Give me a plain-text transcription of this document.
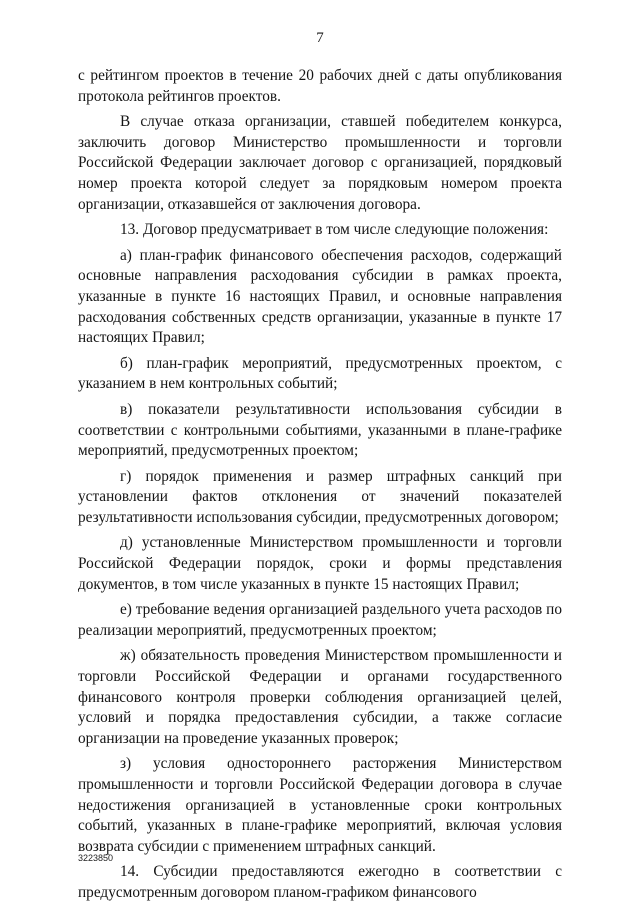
7

с рейтингом проектов в течение 20 рабочих дней с даты опубликования протокола рейтингов проектов.

В случае отказа организации, ставшей победителем конкурса, заключить договор Министерство промышленности и торговли Российской Федерации заключает договор с организацией, порядковый номер проекта которой следует за порядковым номером проекта организации, отказавшейся от заключения договора.

13. Договор предусматривает в том числе следующие положения:

а) план-график финансового обеспечения расходов, содержащий основные направления расходования субсидии в рамках проекта, указанные в пункте 16 настоящих Правил, и основные направления расходования собственных средств организации, указанные в пункте 17 настоящих Правил;

б) план-график мероприятий, предусмотренных проектом, с указанием в нем контрольных событий;

в) показатели результативности использования субсидии в соответствии с контрольными событиями, указанными в плане-графике мероприятий, предусмотренных проектом;

г) порядок применения и размер штрафных санкций при установлении фактов отклонения от значений показателей результативности использования субсидии, предусмотренных договором;

д) установленные Министерством промышленности и торговли Российской Федерации порядок, сроки и формы представления документов, в том числе указанных в пункте 15 настоящих Правил;

е) требование ведения организацией раздельного учета расходов по реализации мероприятий, предусмотренных проектом;

ж) обязательность проведения Министерством промышленности и торговли Российской Федерации и органами государственного финансового контроля проверки соблюдения организацией целей, условий и порядка предоставления субсидии, а также согласие организации на проведение указанных проверок;

з) условия одностороннего расторжения Министерством промышленности и торговли Российской Федерации договора в случае недостижения организацией в установленные сроки контрольных событий, указанных в плане-графике мероприятий, включая условия возврата субсидии с применением штрафных санкций.

14. Субсидии предоставляются ежегодно в соответствии с предусмотренным договором планом-графиком финансового

3223850
